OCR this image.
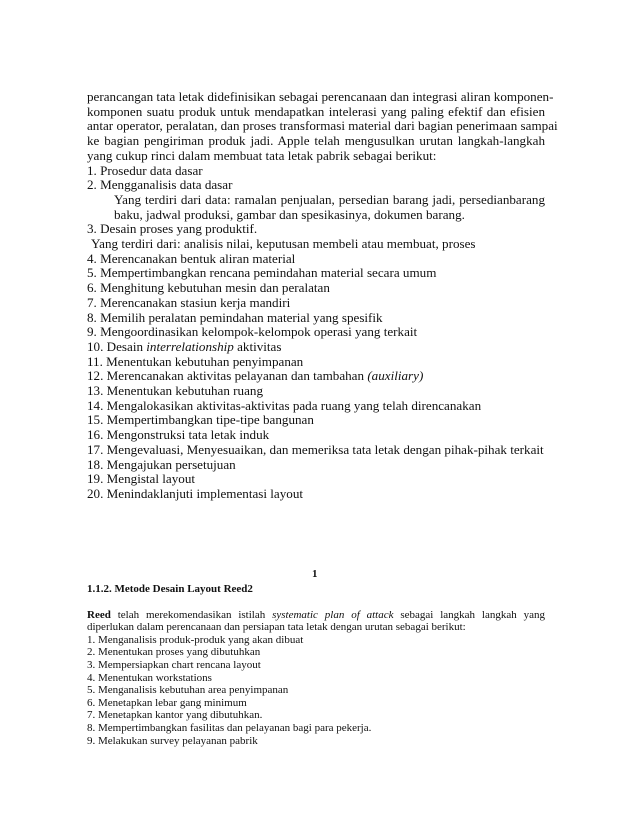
perancangan tata letak didefinisikan sebagai perencanaan dan integrasi aliran komponen-
komponen suatu produk untuk mendapatkan intelerasi yang paling efektif dan efisien
antar operator, peralatan, dan proses transformasi material dari bagian penerimaan sampai
ke bagian pengiriman produk jadi. Apple telah mengusulkan urutan langkah-langkah
yang cukup rinci dalam membuat tata letak pabrik sebagai berikut:
1. Prosedur data dasar
2. Mengganalisis data dasar
Yang terdiri dari data: ramalan penjualan, persedian barang jadi, persedianbarang
baku, jadwal produksi, gambar dan spesikasinya, dokumen barang.
3. Desain proses yang produktif.
Yang terdiri dari: analisis nilai, keputusan membeli atau membuat, proses
4. Merencanakan bentuk aliran material
5. Mempertimbangkan rencana pemindahan material secara umum
6. Menghitung kebutuhan mesin dan peralatan
7. Merencanakan stasiun kerja mandiri
8. Memilih peralatan pemindahan material yang spesifik
9. Mengoordinasikan kelompok-kelompok operasi yang terkait
10. Desain interrelationship aktivitas
11. Menentukan kebutuhan penyimpanan
12. Merencanakan aktivitas pelayanan dan tambahan (auxiliary)
13. Menentukan kebutuhan ruang
14. Mengalokasikan aktivitas-aktivitas pada ruang yang telah direncanakan
15. Mempertimbangkan tipe-tipe bangunan
16. Mengonstruksi tata letak induk
17. Mengevaluasi, Menyesuaikan, dan memeriksa tata letak dengan pihak-pihak terkait
18. Mengajukan persetujuan
19. Mengistal layout
20. Menindaklanjuti implementasi layout
1
1.1.2. Metode Desain Layout Reed2
Reed telah merekomendasikan istilah systematic plan of attack sebagai langkah langkah yang
diperlukan dalam perencanaan dan persiapan tata letak dengan urutan sebagai berikut:
1. Menganalisis produk-produk yang akan dibuat
2. Menentukan proses yang dibutuhkan
3. Mempersiapkan chart rencana layout
4. Menentukan workstations
5. Menganalisis kebutuhan area penyimpanan
6. Menetapkan lebar gang minimum
7. Menetapkan kantor yang dibutuhkan.
8. Mempertimbangkan fasilitas dan pelayanan bagi para pekerja.
9. Melakukan survey pelayanan pabrik
